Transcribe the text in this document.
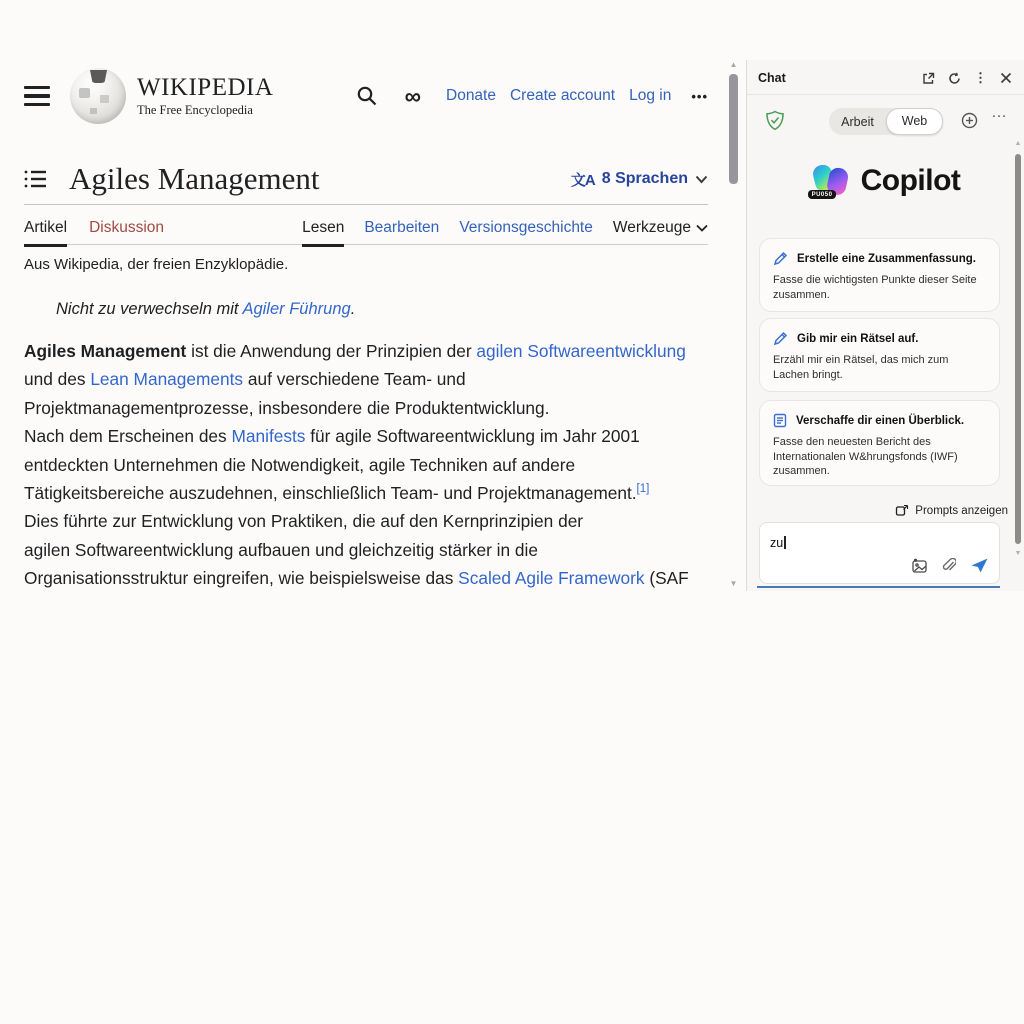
WIKIPEDIA
The Free Encyclopedia
∞ Donate Create account Log in •••
Agiles Management	文A 8 Sprachen
Artikel Diskussion	Lesen Bearbeiten Versionsgeschichte Werkzeuge
Aus Wikipedia, der freien Enzyklopädie.
Nicht zu verwechseln mit Agiler Führung.
Agiles Management ist die Anwendung der Prinzipien der agilen Softwareentwicklung
und des Lean Managements auf verschiedene Team- und
Projektmanagementprozesse, insbesondere die Produktentwicklung.
Nach dem Erscheinen des Manifests für agile Softwareentwicklung im Jahr 2001
entdeckten Unternehmen die Notwendigkeit, agile Techniken auf andere
Tätigkeitsbereiche auszudehnen, einschließlich Team- und Projektmanagement.[1]
Dies führte zur Entwicklung von Praktiken, die auf den Kernprinzipien der
agilen Softwareentwicklung aufbauen und gleichzeitig stärker in die
Organisationsstruktur eingreifen, wie beispielsweise das Scaled Agile Framework (SAF
▲
▼
Chat	⋮
Arbeit	Web	…
PU050 Copilot
Erstelle eine Zusammenfassung.
Fasse die wichtigsten Punkte dieser Seite zusammen.
Gib mir ein Rätsel auf.
Erzähl mir ein Rätsel, das mich zum Lachen bringt.
Verschaffe dir einen Überblick.
Fasse den neuesten Bericht des Internationalen W&hrungsfonds (IWF) zusammen.
Prompts anzeigen
zu
▲
▼
